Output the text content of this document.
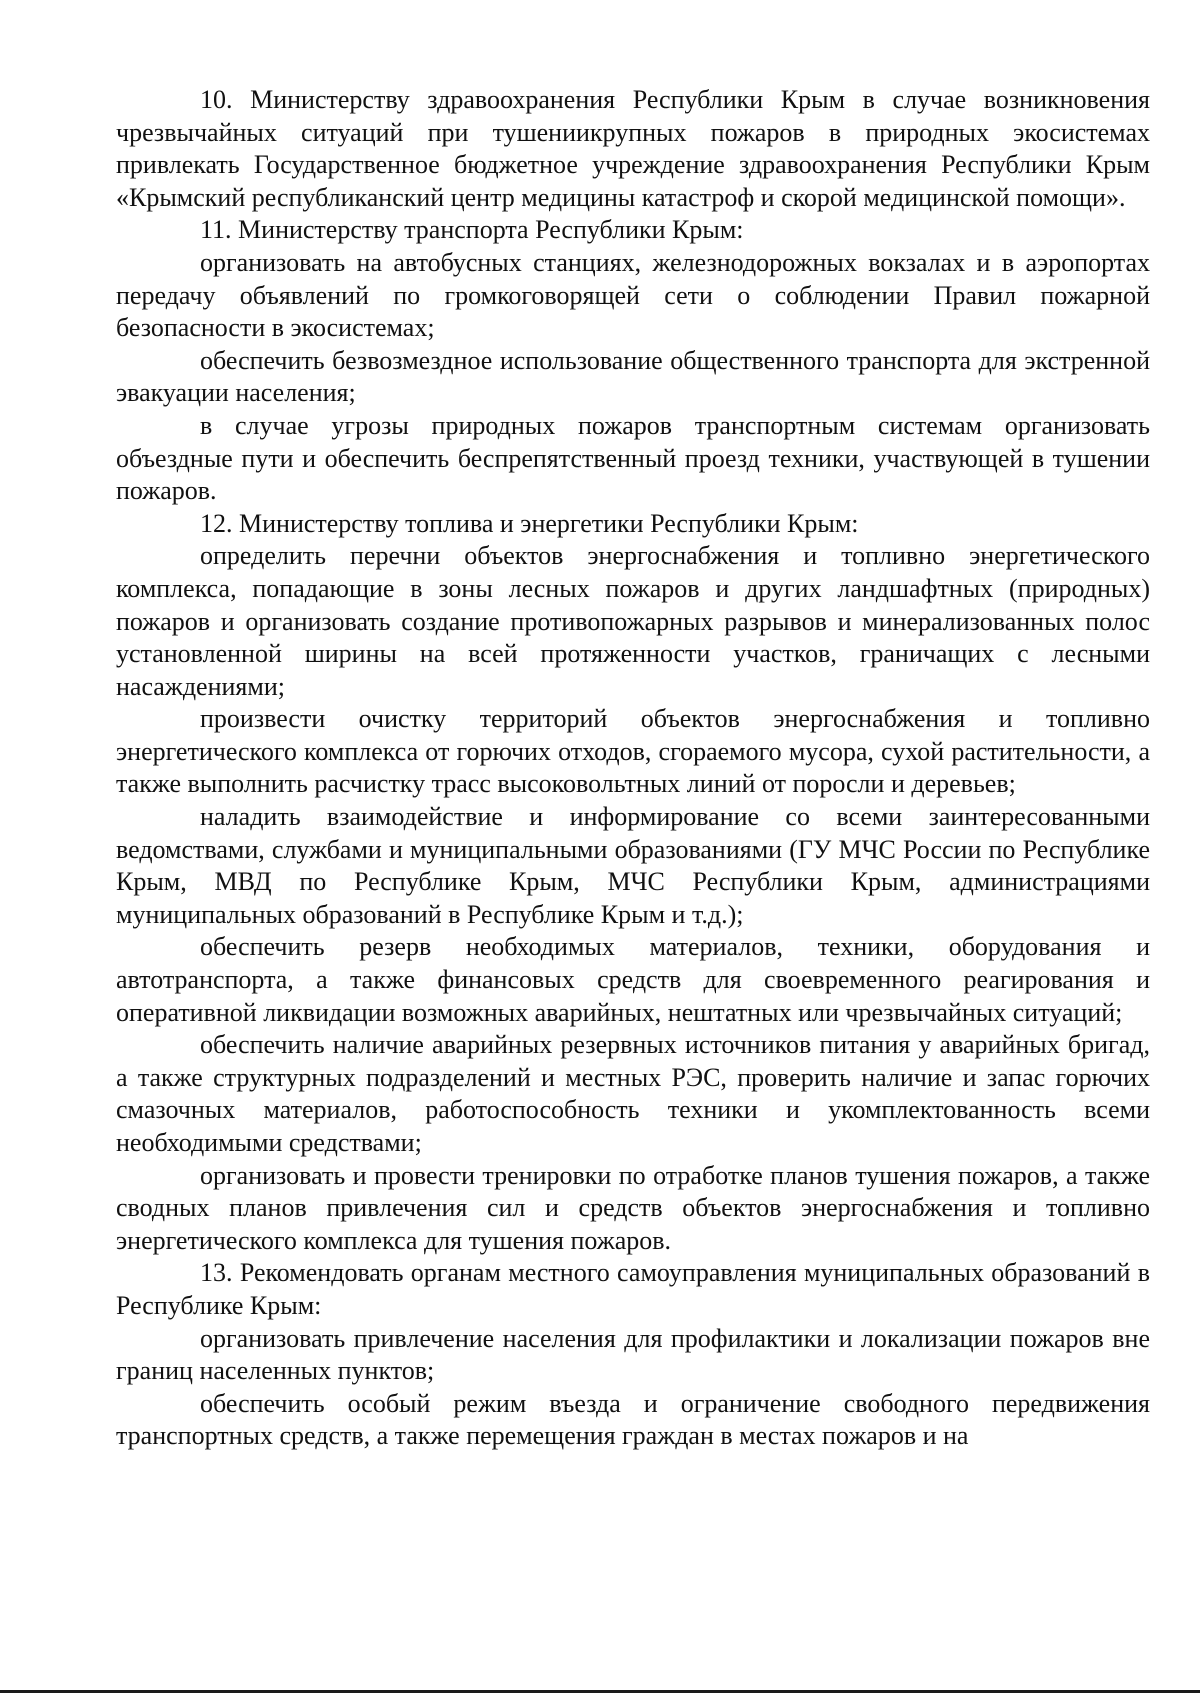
10. Министерству здравоохранения Республики Крым в случае возникновения чрезвычайных ситуаций при тушениикрупных пожаров в природных экосистемах привлекать Государственное бюджетное учреждение здравоохранения Республики Крым «Крымский республиканский центр медицины катастроф и скорой медицинской помощи».

11. Министерству транспорта Республики Крым:

организовать на автобусных станциях, железнодорожных вокзалах и в аэропортах передачу объявлений по громкоговорящей сети о соблюдении Правил пожарной безопасности в экосистемах;

обеспечить безвозмездное использование общественного транспорта для экстренной эвакуации населения;

в случае угрозы природных пожаров транспортным системам организовать объездные пути и обеспечить беспрепятственный проезд техники, участвующей в тушении пожаров.

12. Министерству топлива и энергетики Республики Крым:

определить перечни объектов энергоснабжения и топливно энергетического комплекса, попадающие в зоны лесных пожаров и других ландшафтных (природных) пожаров и организовать создание противопожарных разрывов и минерализованных полос установленной ширины на всей протяженности участков, граничащих с лесными насаждениями;

произвести очистку территорий объектов энергоснабжения и топливно энергетического комплекса от горючих отходов, сгораемого мусора, сухой растительности, а также выполнить расчистку трасс высоковольтных линий от поросли и деревьев;

наладить взаимодействие и информирование со всеми заинтересованными ведомствами, службами и муниципальными образованиями (ГУ МЧС России по Республике Крым, МВД по Республике Крым, МЧС Республики Крым, администрациями муниципальных образований в Республике Крым и т.д.);

обеспечить резерв необходимых материалов, техники, оборудования и автотранспорта, а также финансовых средств для своевременного реагирования и оперативной ликвидации возможных аварийных, нештатных или чрезвычайных ситуаций;

обеспечить наличие аварийных резервных источников питания у аварийных бригад, а также структурных подразделений и местных РЭС, проверить наличие и запас горючих смазочных материалов, работоспособность техники и укомплектованность всеми необходимыми средствами;

организовать и провести тренировки по отработке планов тушения пожаров, а также сводных планов привлечения сил и средств объектов энергоснабжения и топливно энергетического комплекса для тушения пожаров.

13. Рекомендовать органам местного самоуправления муниципальных образований в Республике Крым:

организовать привлечение населения для профилактики и локализации пожаров вне границ населенных пунктов;

обеспечить особый режим въезда и ограничение свободного передвижения транспортных средств, а также перемещения граждан в местах пожаров и на
